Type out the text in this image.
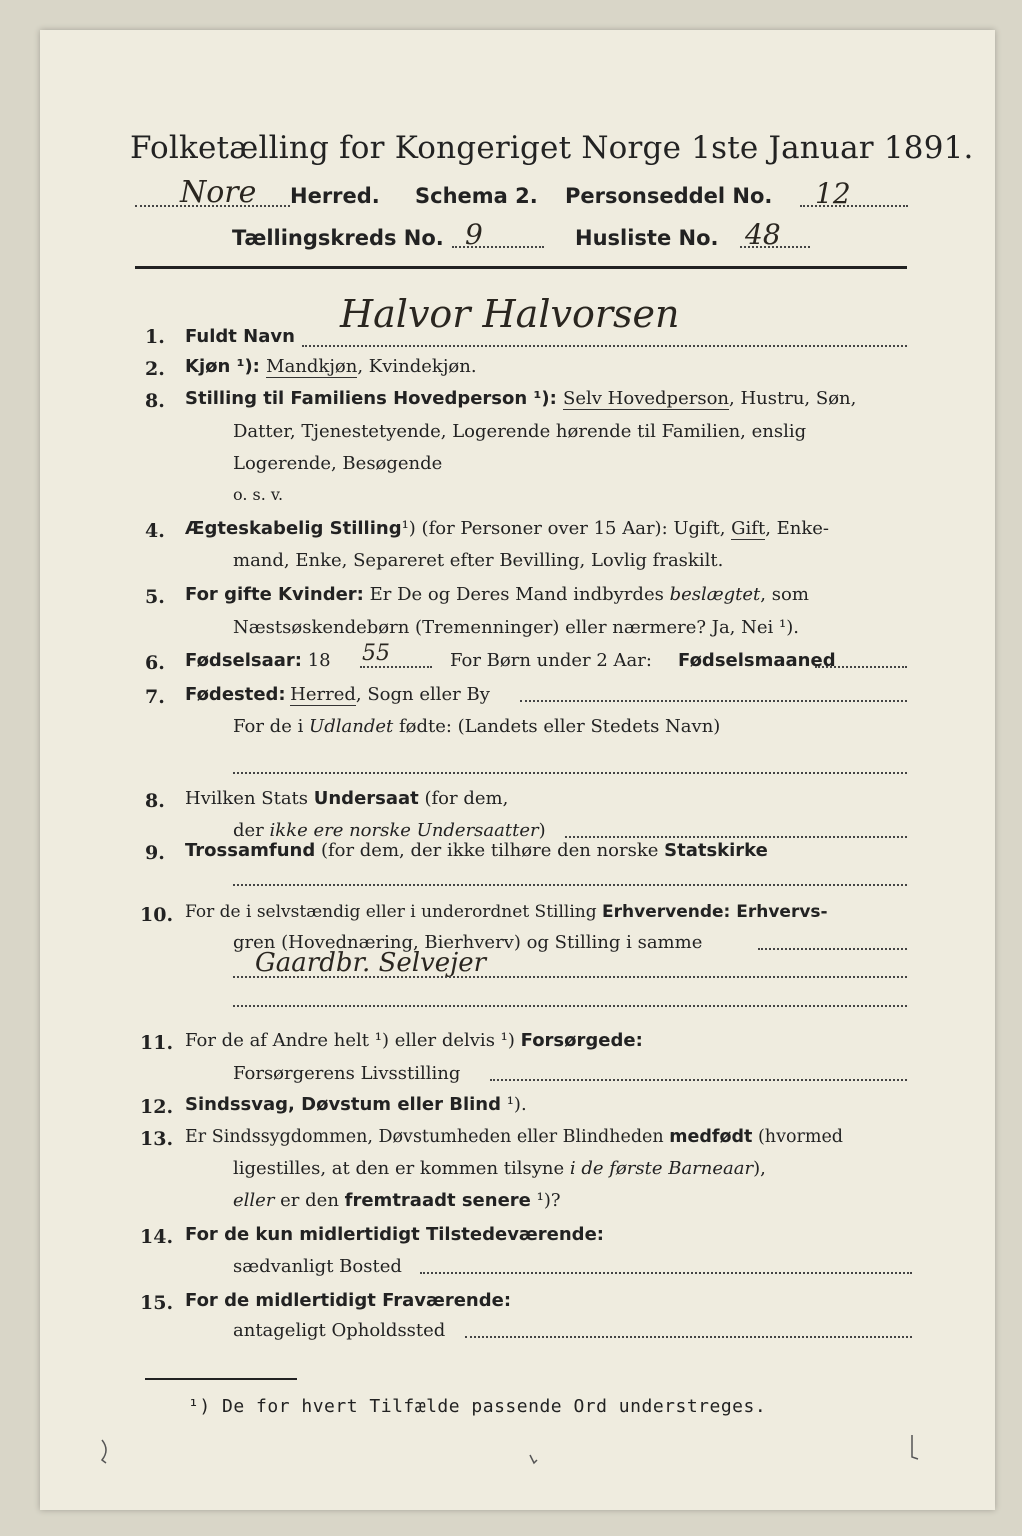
Folketælling for Kongeriget Norge 1ste Januar 1891.
Nore Herred. Schema 2. Personseddel No. 12
Tællingskreds No. 9	Husliste No. 48
1. Fuldt Navn
Halvor Halvorsen
2. Kjøn ¹): Mandkjøn, Kvindekjøn.
8. Stilling til Familiens Hovedperson ¹): Selv Hovedperson, Hustru, Søn,
Datter, Tjenestetyende, Logerende hørende til Familien, enslig
Logerende, Besøgende
o. s. v.
4. Ægteskabelig Stilling¹) (for Personer over 15 Aar): Ugift, Gift, Enke-
mand, Enke, Separeret efter Bevilling, Lovlig fraskilt.
5. For gifte Kvinder: Er De og Deres Mand indbyrdes beslægtet, som
Næstsøskendebørn (Tremenninger) eller nærmere? Ja, Nei ¹).
6. Fødselsaar: 18 55	For Børn under 2 Aar: Fødselsmaaned
7. Fødested: Herred, Sogn eller By
For de i Udlandet fødte: (Landets eller Stedets Navn)
8. Hvilken Stats Undersaat (for dem,
der ikke ere norske Undersaatter)
9. Trossamfund (for dem, der ikke tilhøre den norske Statskirke
10. For de i selvstændig eller i underordnet Stilling Erhvervende: Erhvervs-
gren (Hovednæring, Bierhverv) og Stilling i samme
Gaardbr. Selvejer
11. For de af Andre helt ¹) eller delvis ¹) Forsørgede:
Forsørgerens Livsstilling
12. Sindssvag, Døvstum eller Blind ¹).
13. Er Sindssygdommen, Døvstumheden eller Blindheden medfødt (hvormed
ligestilles, at den er kommen tilsyne i de første Barneaar),
eller er den fremtraadt senere ¹)?
14. For de kun midlertidigt Tilstedeværende:
sædvanligt Bosted
15. For de midlertidigt Fraværende:
antageligt Opholdssted
¹) De for hvert Tilfælde passende Ord understreges.
